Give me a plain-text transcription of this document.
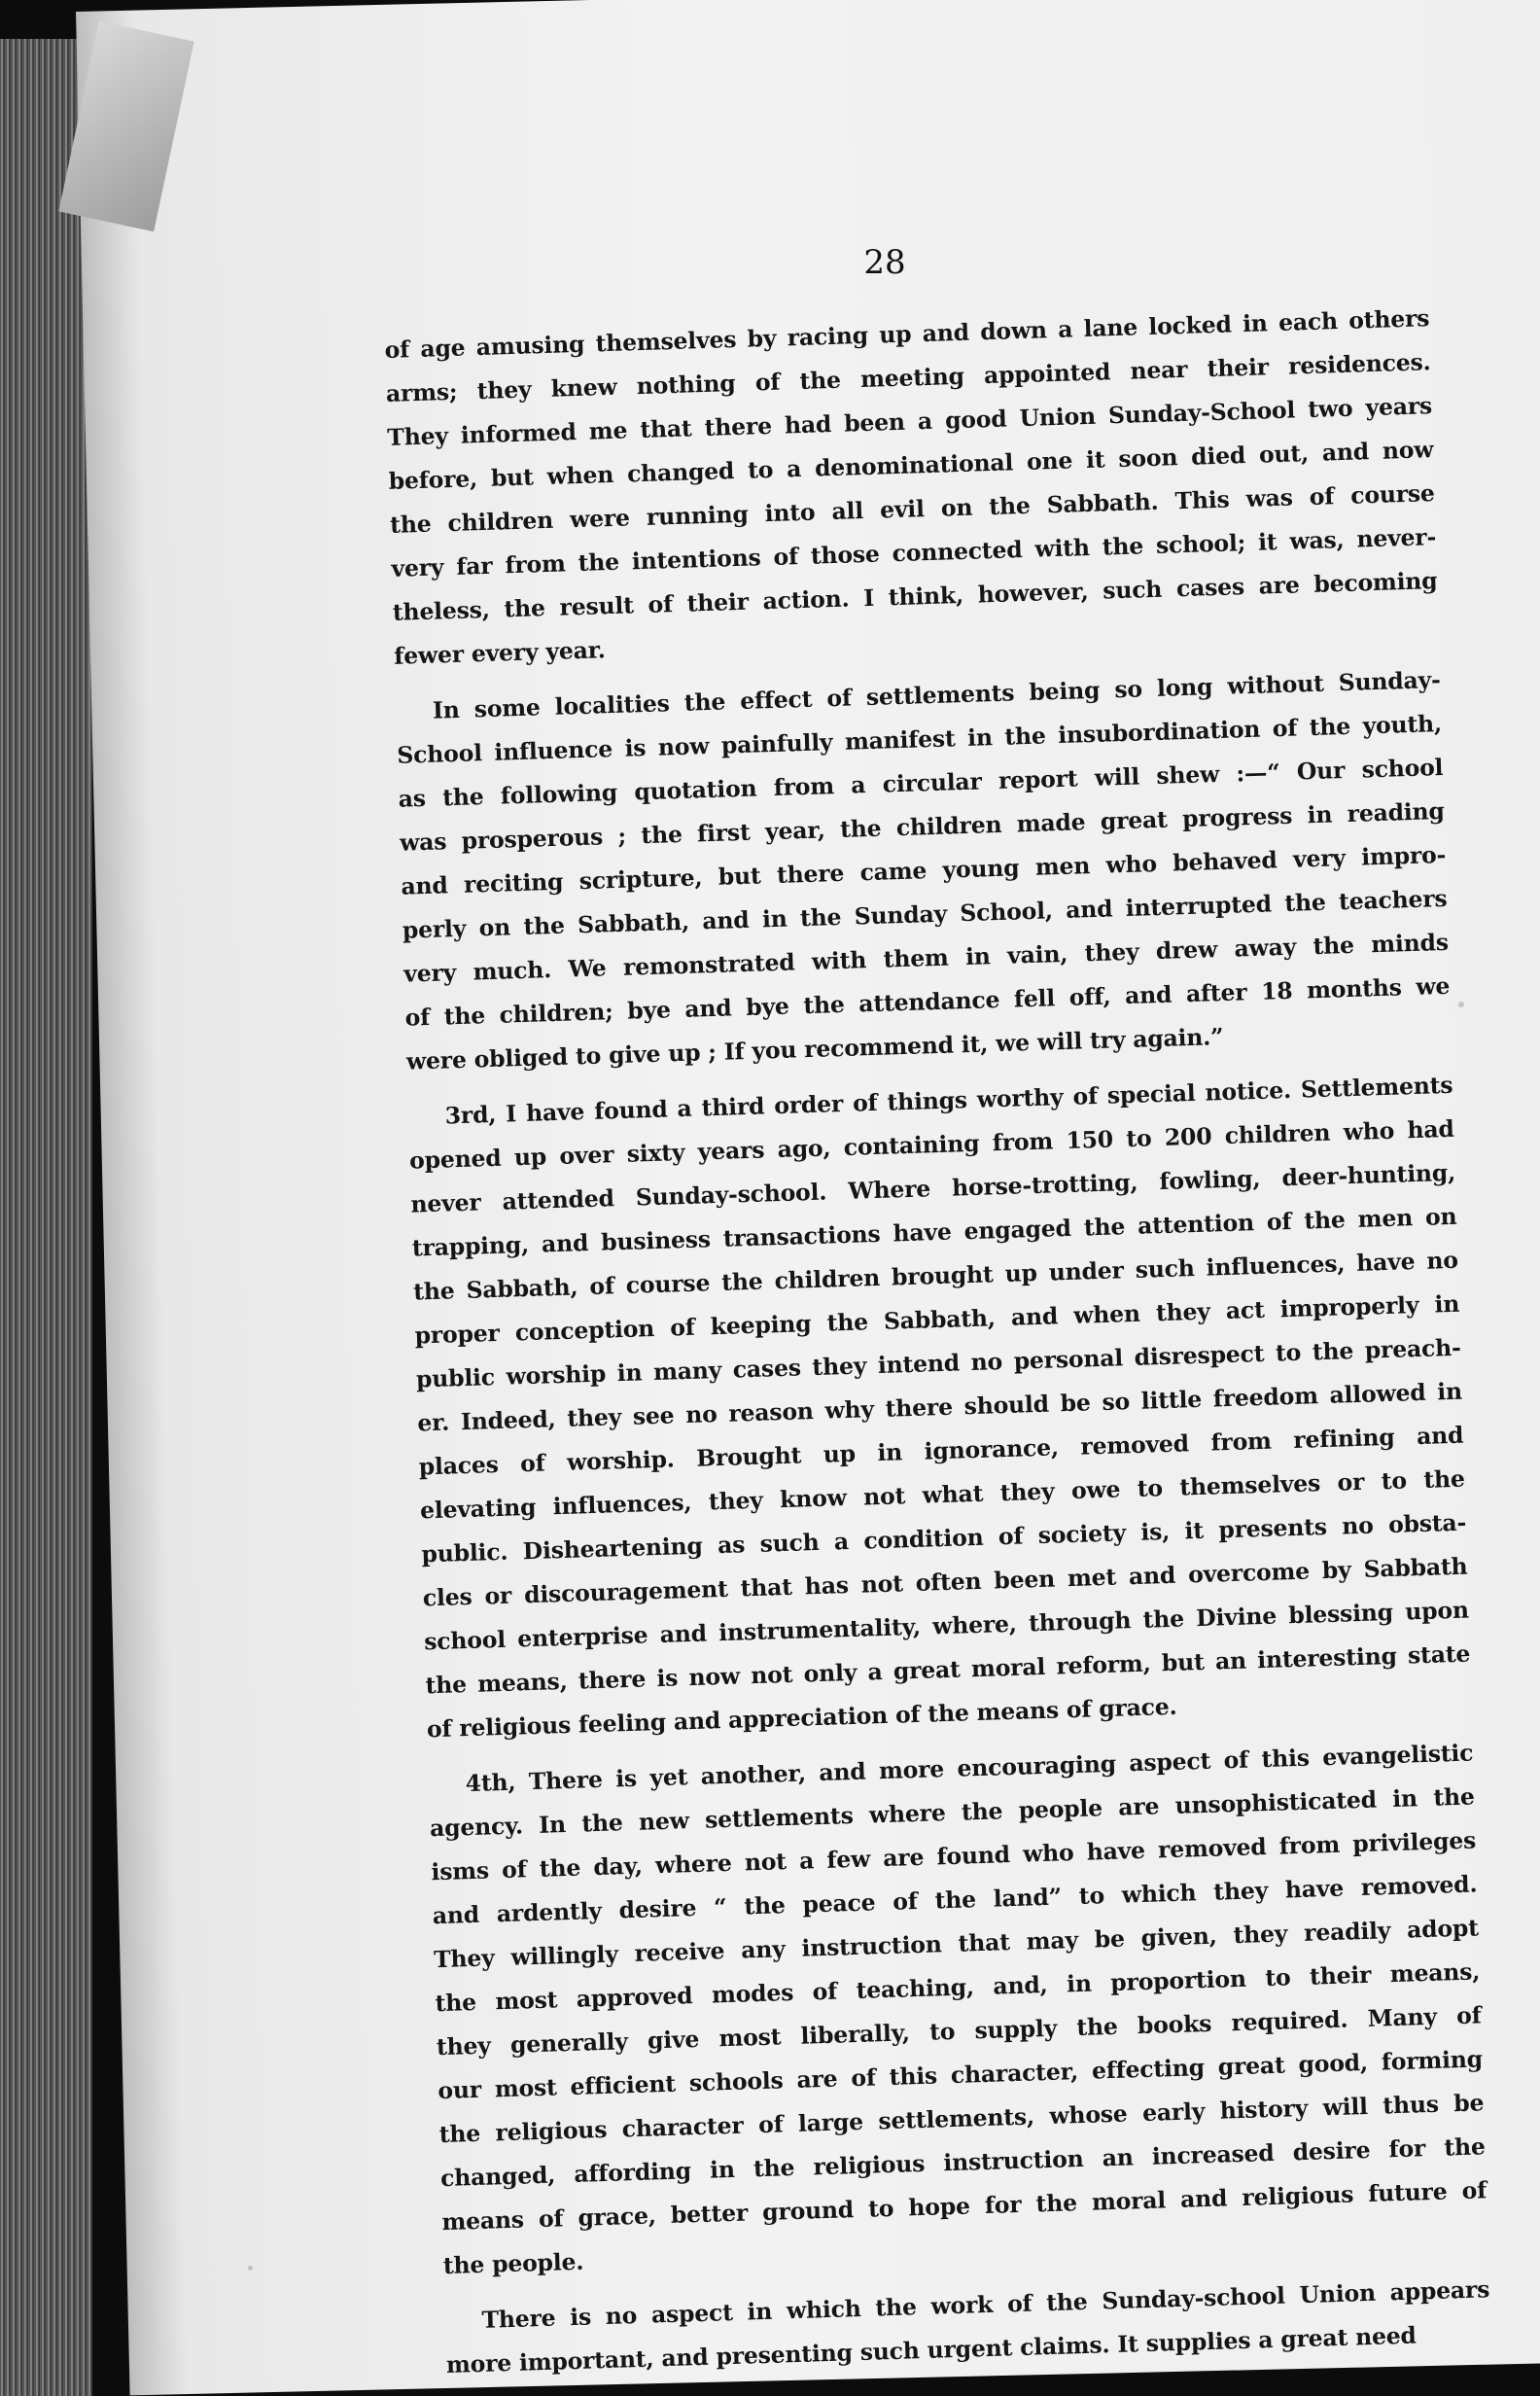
28
of age amusing themselves by racing up and down a lane locked in each others
arms; they knew nothing of the meeting appointed near their residences.
They informed me that there had been a good Union Sunday-School two years
before, but when changed to a denominational one it soon died out, and now
the children were running into all evil on the Sabbath. This was of course
very far from the intentions of those connected with the school; it was, never-
theless, the result of their action. I think, however, such cases are becoming
fewer every year.
In some localities the effect of settlements being so long without Sunday-
School influence is now painfully manifest in the insubordination of the youth,
as the following quotation from a circular report will shew :—“ Our school
was prosperous ; the first year, the children made great progress in reading
and reciting scripture, but there came young men who behaved very impro-
perly on the Sabbath, and in the Sunday School, and interrupted the teachers
very much. We remonstrated with them in vain, they drew away the minds
of the children; bye and bye the attendance fell off, and after 18 months we
were obliged to give up ; If you recommend it, we will try again.”
3rd, I have found a third order of things worthy of special notice. Settlements
opened up over sixty years ago, containing from 150 to 200 children who had
never attended Sunday-school. Where horse-trotting, fowling, deer-hunting,
trapping, and business transactions have engaged the attention of the men on
the Sabbath, of course the children brought up under such influences, have no
proper conception of keeping the Sabbath, and when they act improperly in
public worship in many cases they intend no personal disrespect to the preach-
er. Indeed, they see no reason why there should be so little freedom allowed in
places of worship. Brought up in ignorance, removed from refining and
elevating influences, they know not what they owe to themselves or to the
public. Disheartening as such a condition of society is, it presents no obsta-
cles or discouragement that has not often been met and overcome by Sabbath
school enterprise and instrumentality, where, through the Divine blessing upon
the means, there is now not only a great moral reform, but an interesting state
of religious feeling and appreciation of the means of grace.
4th, There is yet another, and more encouraging aspect of this evangelistic
agency. In the new settlements where the people are unsophisticated in the
isms of the day, where not a few are found who have removed from privileges
and ardently desire “ the peace of the land” to which they have removed.
They willingly receive any instruction that may be given, they readily adopt
the most approved modes of teaching, and, in proportion to their means,
they generally give most liberally, to supply the books required. Many of
our most efficient schools are of this character, effecting great good, forming
the religious character of large settlements, whose early history will thus be
changed, affording in the religious instruction an increased desire for the
means of grace, better ground to hope for the moral and religious future of
the people.
There is no aspect in which the work of the Sunday-school Union appears
more important, and presenting such urgent claims. It supplies a great need
